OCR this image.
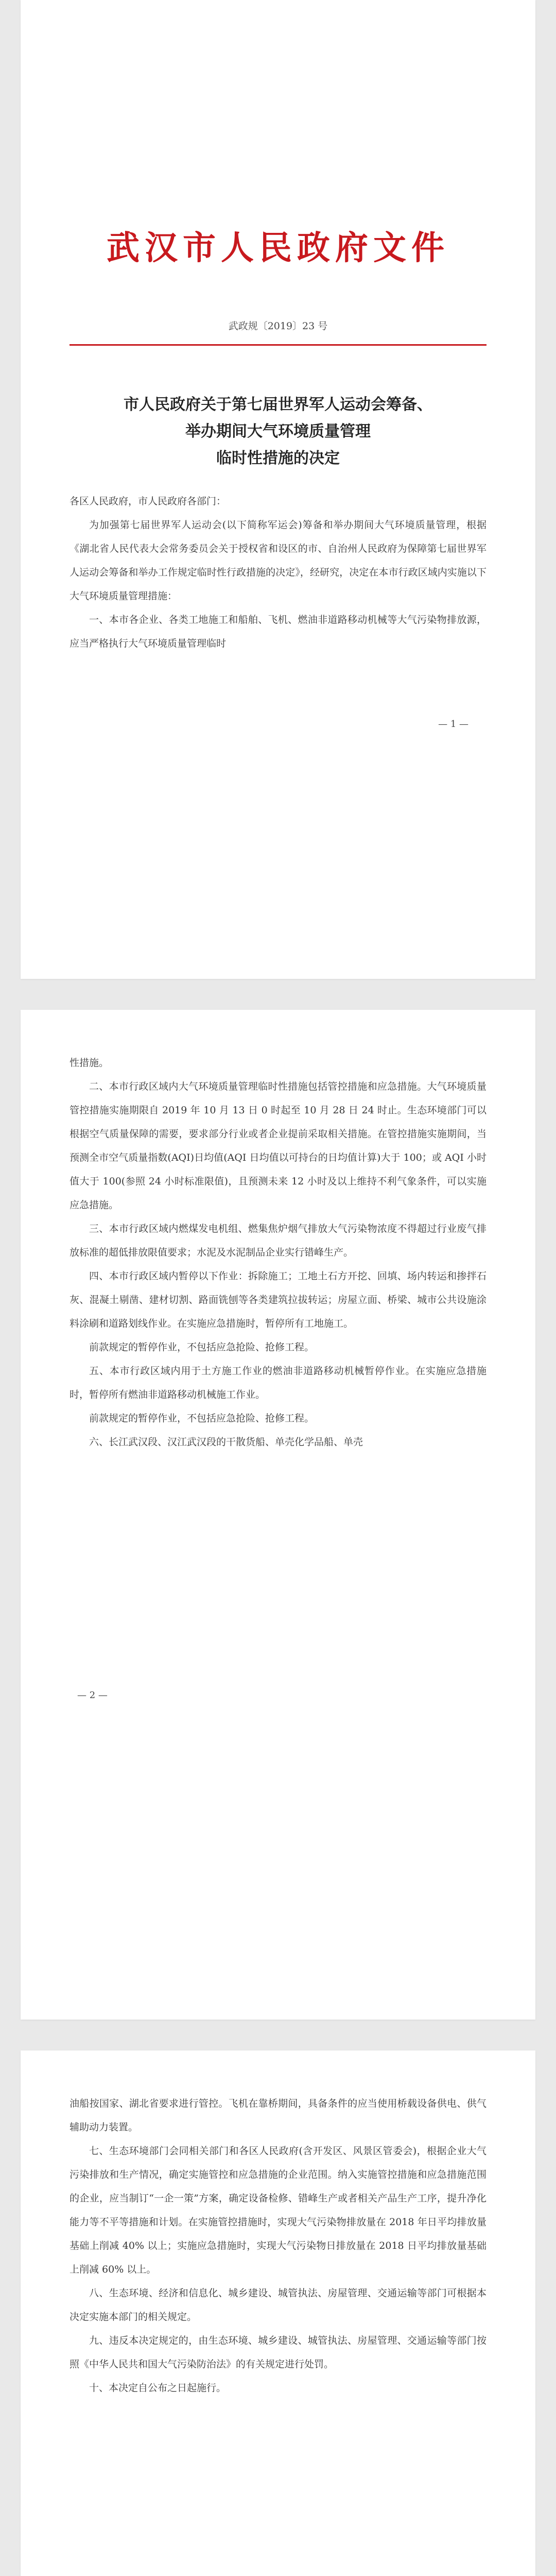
武汉市人民政府文件
武政规〔2019〕23 号
市人民政府关于第七届世界军人运动会筹备、
举办期间大气环境质量管理
临时性措施的决定

各区人民政府，市人民政府各部门：

为加强第七届世界军人运动会(以下简称军运会)筹备和举办期间大气环境质量管理，根据《湖北省人民代表大会常务委员会关于授权省和设区的市、自治州人民政府为保障第七届世界军人运动会筹备和举办工作规定临时性行政措施的决定》，经研究，决定在本市行政区域内实施以下大气环境质量管理措施：

一、本市各企业、各类工地施工和船舶、飞机、燃油非道路移动机械等大气污染物排放源，应当严格执行大气环境质量管理临时

— 1 —

性措施。

二、本市行政区域内大气环境质量管理临时性措施包括管控措施和应急措施。大气环境质量管控措施实施期限自 2019 年 10 月 13 日 0 时起至 10 月 28 日 24 时止。生态环境部门可以根据空气质量保障的需要，要求部分行业或者企业提前采取相关措施。在管控措施实施期间，当预测全市空气质量指数(AQI)日均值(AQI 日均值以可持台的日均值计算)大于 100；或 AQI 小时值大于 100(参照 24 小时标准限值)，且预测未来 12 小时及以上维持不利气象条件，可以实施应急措施。

三、本市行政区域内燃煤发电机组、燃集焦炉烟气排放大气污染物浓度不得超过行业废气排放标准的超低排放限值要求；水泥及水泥制品企业实行错峰生产。

四、本市行政区域内暂停以下作业：拆除施工；工地土石方开挖、回填、场内转运和掺拌石灰、混凝土剔凿、建材切割、路面铣刨等各类建筑拉拔转运；房屋立面、桥梁、城市公共设施涂料涂刷和道路划线作业。在实施应急措施时，暂停所有工地施工。

前款规定的暂停作业，不包括应急抢险、抢修工程。

五、本市行政区域内用于土方施工作业的燃油非道路移动机械暂停作业。在实施应急措施时，暂停所有燃油非道路移动机械施工作业。

前款规定的暂停作业，不包括应急抢险、抢修工程。

六、长江武汉段、汉江武汉段的干散货船、单壳化学品船、单壳

— 2 —

油船按国家、湖北省要求进行管控。飞机在靠桥期间，具备条件的应当使用桥载设备供电、供气辅助动力装置。

七、生态环境部门会同相关部门和各区人民政府(含开发区、风景区管委会)，根据企业大气污染排放和生产情况，确定实施管控和应急措施的企业范围。纳入实施管控措施和应急措施范围的企业，应当制订“一企一策”方案，确定设备检修、错峰生产或者相关产品生产工序，提升净化能力等不平等措施和计划。在实施管控措施时，实现大气污染物排放量在 2018 年日平均排放量基础上削减 40% 以上；实施应急措施时，实现大气污染物日排放量在 2018 日平均排放量基础上削减 60% 以上。

八、生态环境、经济和信息化、城乡建设、城管执法、房屋管理、交通运输等部门可根据本决定实施本部门的相关规定。

九、违反本决定规定的，由生态环境、城乡建设、城管执法、房屋管理、交通运输等部门按照《中华人民共和国大气污染防治法》的有关规定进行处罚。

十、本决定自公布之日起施行。
